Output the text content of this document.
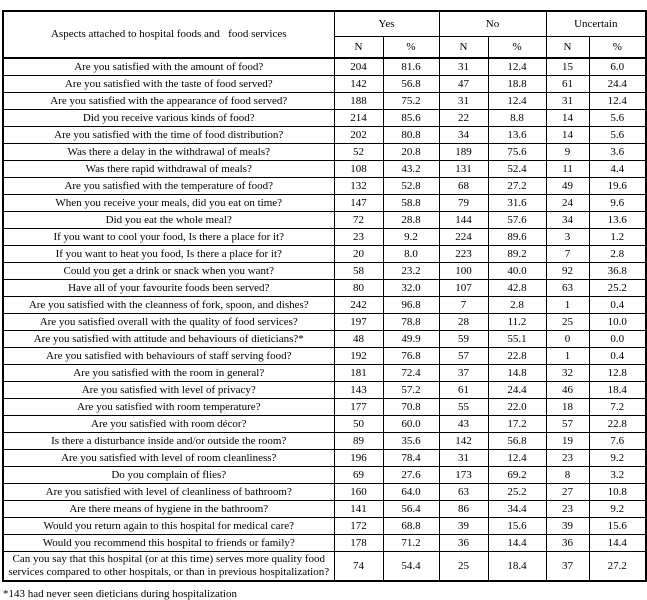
Aspects attached to hospital foods and   food services	Yes		No		Uncertain	
	N	%	N	%	N	%
Are you satisfied with the amount of food?	204	81.6	31	12.4	15	6.0
Are you satisfied with the taste of food served?	142	56.8	47	18.8	61	24.4
Are you satisfied with the appearance of food served?	188	75.2	31	12.4	31	12.4
Did you receive various kinds of food?	214	85.6	22	8.8	14	5.6
Are you satisfied with the time of food distribution?	202	80.8	34	13.6	14	5.6
Was there a delay in the withdrawal of meals?	52	20.8	189	75.6	9	3.6
Was there rapid withdrawal of meals?	108	43.2	131	52.4	11	4.4
Are you satisfied with the temperature of food?	132	52.8	68	27.2	49	19.6
When you receive your meals, did you eat on time?	147	58.8	79	31.6	24	9.6
Did you eat the whole meal?	72	28.8	144	57.6	34	13.6
If you want to cool your food, Is there a place for it?	23	9.2	224	89.6	3	1.2
If you want to heat you food, Is there a place for it?	20	8.0	223	89.2	7	2.8
Could you get a drink or snack when you want?	58	23.2	100	40.0	92	36.8
Have all of your favourite foods been served?	80	32.0	107	42.8	63	25.2
Are you satisfied with the cleanness of fork, spoon, and dishes?	242	96.8	7	2.8	1	0.4
Are you satisfied overall with the quality of food services?	197	78.8	28	11.2	25	10.0
Are you satisfied with attitude and behaviours of dieticians?*	48	49.9	59	55.1	0	0.0
Are you satisfied with behaviours of staff serving food?	192	76.8	57	22.8	1	0.4
Are you satisfied with the room in general?	181	72.4	37	14.8	32	12.8
Are you satisfied with level of privacy?	143	57.2	61	24.4	46	18.4
Are you satisfied with room temperature?	177	70.8	55	22.0	18	7.2
Are you satisfied with room décor?	50	60.0	43	17.2	57	22.8
Is there a disturbance inside and/or outside the room?	89	35.6	142	56.8	19	7.6
Are you satisfied with level of room cleanliness?	196	78.4	31	12.4	23	9.2
Do you complain of flies?	69	27.6	173	69.2	8	3.2
Are you satisfied with level of cleanliness of bathroom?	160	64.0	63	25.2	27	10.8
Are there means of hygiene in the bathroom?	141	56.4	86	34.4	23	9.2
Would you return again to this hospital for medical care?	172	68.8	39	15.6	39	15.6
Would you recommend this hospital to friends or family?	178	71.2	36	14.4	36	14.4
Can you say that this hospital (or at this time) serves more quality food services compared to other hospitals, or than in previous hospitalization?	74	54.4	25	18.4	37	27.2
*143 had never seen dieticians during hospitalization
